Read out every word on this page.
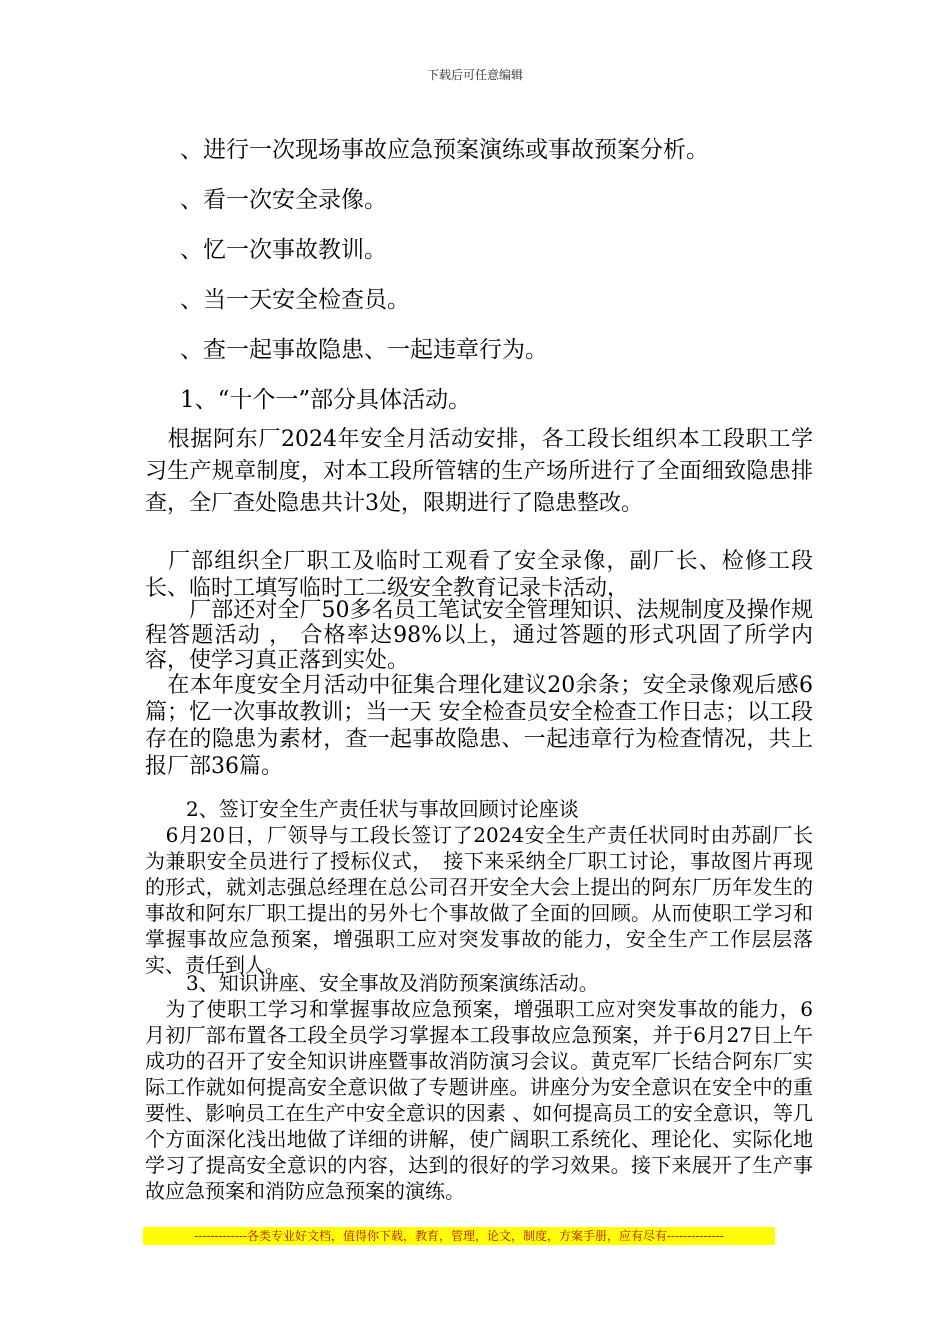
下载后可任意编辑
、进行一次现场事故应急预案演练或事故预案分析。
、看一次安全录像。
、忆一次事故教训。
、当一天安全检查员。
、查一起事故隐患、一起违章行为。
1、“十个一”部分具体活动。
　根据阿东厂2024年安全月活动安排，各工段长组织本工段职工学习生产规章制度，对本工段所管辖的生产场所进行了全面细致隐患排查，全厂查处隐患共计3处，限期进行了隐患整改。
　厂部组织全厂职工及临时工观看了安全录像，副厂长、检修工段长、临时工填写临时工二级安全教育记录卡活动，
　　厂部还对全厂50多名员工笔试安全管理知识、法规制度及操作规程答题活动 ， 合格率达98%以上，通过答题的形式巩固了所学内容，使学习真正落到实处。
　在本年度安全月活动中征集合理化建议20余条；安全录像观后感6篇；忆一次事故教训；当一天 安全检查员安全检查工作日志；以工段存在的隐患为素材，查一起事故隐患、一起违章行为检查情况，共上报厂部36篇。
2、签订安全生产责任状与事故回顾讨论座谈
　6月20日，厂领导与工段长签订了2024安全生产责任状同时由苏副厂长为兼职安全员进行了授标仪式，　接下来采纳全厂职工讨论，事故图片再现的形式，就刘志强总经理在总公司召开安全大会上提出的阿东厂历年发生的事故和阿东厂职工提出的另外七个事故做了全面的回顾。从而使职工学习和掌握事故应急预案，增强职工应对突发事故的能力，安全生产工作层层落实、责任到人。
3、知识讲座、安全事故及消防预案演练活动。
　为了使职工学习和掌握事故应急预案，增强职工应对突发事故的能力，6月初厂部布置各工段全员学习掌握本工段事故应急预案，并于6月27日上午成功的召开了安全知识讲座暨事故消防演习会议。黄克军厂长结合阿东厂实际工作就如何提高安全意识做了专题讲座。讲座分为安全意识在安全中的重要性、影响员工在生产中安全意识的因素 、如何提高员工的安全意识，等几个方面深化浅出地做了详细的讲解，使广阔职工系统化、理论化、实际化地学习了提高安全意识的内容，达到的很好的学习效果。接下来展开了生产事故应急预案和消防应急预案的演练。
-------------各类专业好文档，值得你下载，教育，管理，论文，制度，方案手册，应有尽有--------------
